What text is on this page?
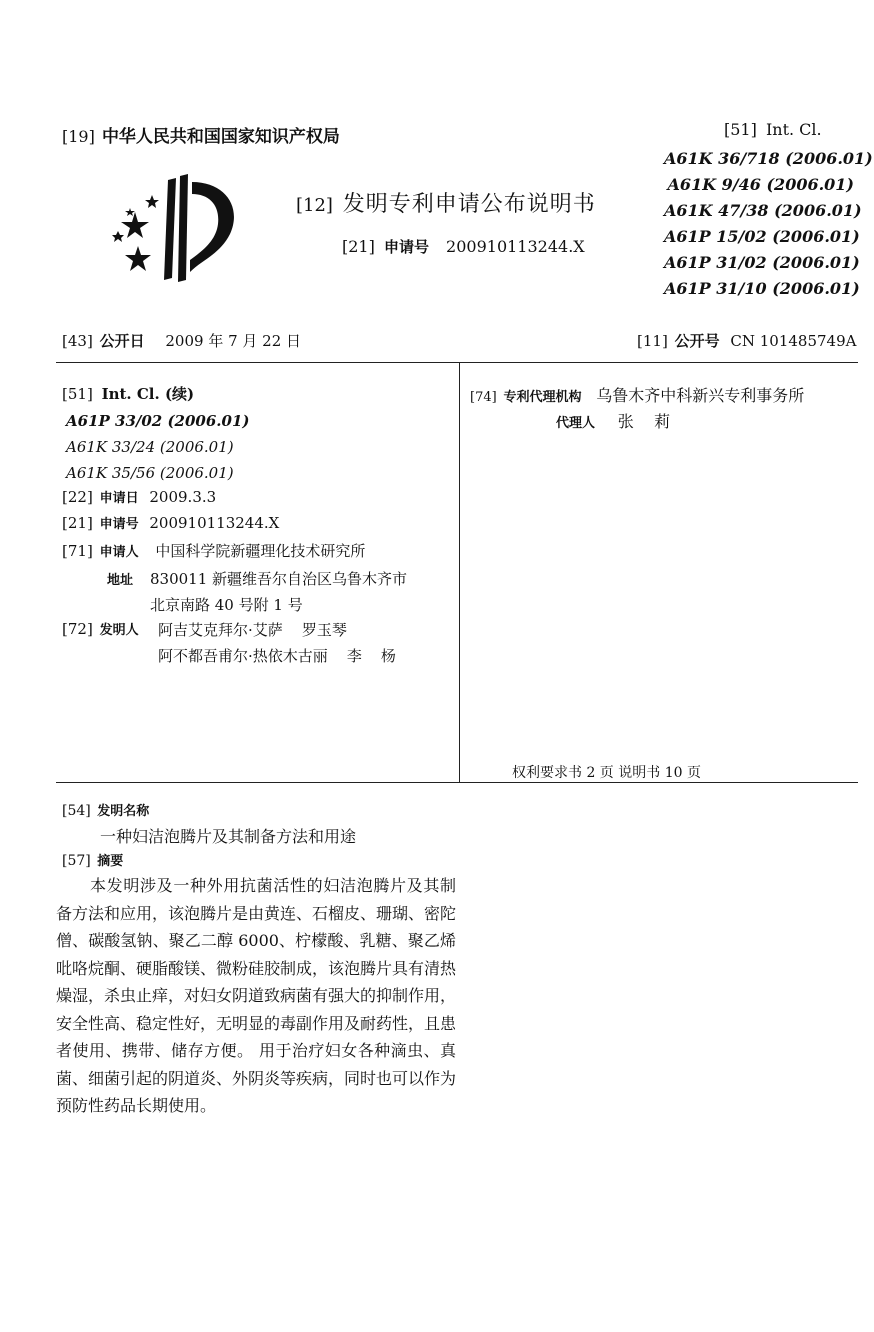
[19] 中华人民共和国国家知识产权局
[12] 发明专利申请公布说明书
[21] 申请号 200910113244.X
[51] Int. Cl.
A61K 36/718 (2006.01)
A61K 9/46 (2006.01)
A61K 47/38 (2006.01)
A61P 15/02 (2006.01)
A61P 31/02 (2006.01)
A61P 31/10 (2006.01)
[43] 公开日 2009 年 7 月 22 日	[11] 公开号 CN 101485749A
[51] Int. Cl. (续)
A61P 33/02 (2006.01)
A61K 33/24 (2006.01)
A61K 35/56 (2006.01)
[22] 申请日 2009.3.3
[21] 申请号 200910113244.X
[71] 申请人 中国科学院新疆理化技术研究所
地址 830011 新疆维吾尔自治区乌鲁木齐市
北京南路 40 号附 1 号
[72] 发明人 阿吉艾克拜尔·艾萨    罗玉琴
阿不都吾甫尔·热依木古丽    李    杨
[74] 专利代理机构 乌鲁木齐中科新兴专利事务所
代理人 张    莉
权利要求书 2 页 说明书 10 页
[54] 发明名称
一种妇洁泡腾片及其制备方法和用途
[57] 摘要
本发明涉及一种外用抗菌活性的妇洁泡腾片及其制备方法和应用，该泡腾片是由黄连、石榴皮、珊瑚、密陀僧、碳酸氢钠、聚乙二醇 6000、柠檬酸、乳糖、聚乙烯吡咯烷酮、硬脂酸镁、微粉硅胶制成，该泡腾片具有清热燥湿，杀虫止痒，对妇女阴道致病菌有强大的抑制作用，安全性高、稳定性好，无明显的毒副作用及耐药性，且患者使用、携带、储存方便。 用于治疗妇女各种滴虫、真菌、细菌引起的阴道炎、外阴炎等疾病，同时也可以作为预防性药品长期使用。
